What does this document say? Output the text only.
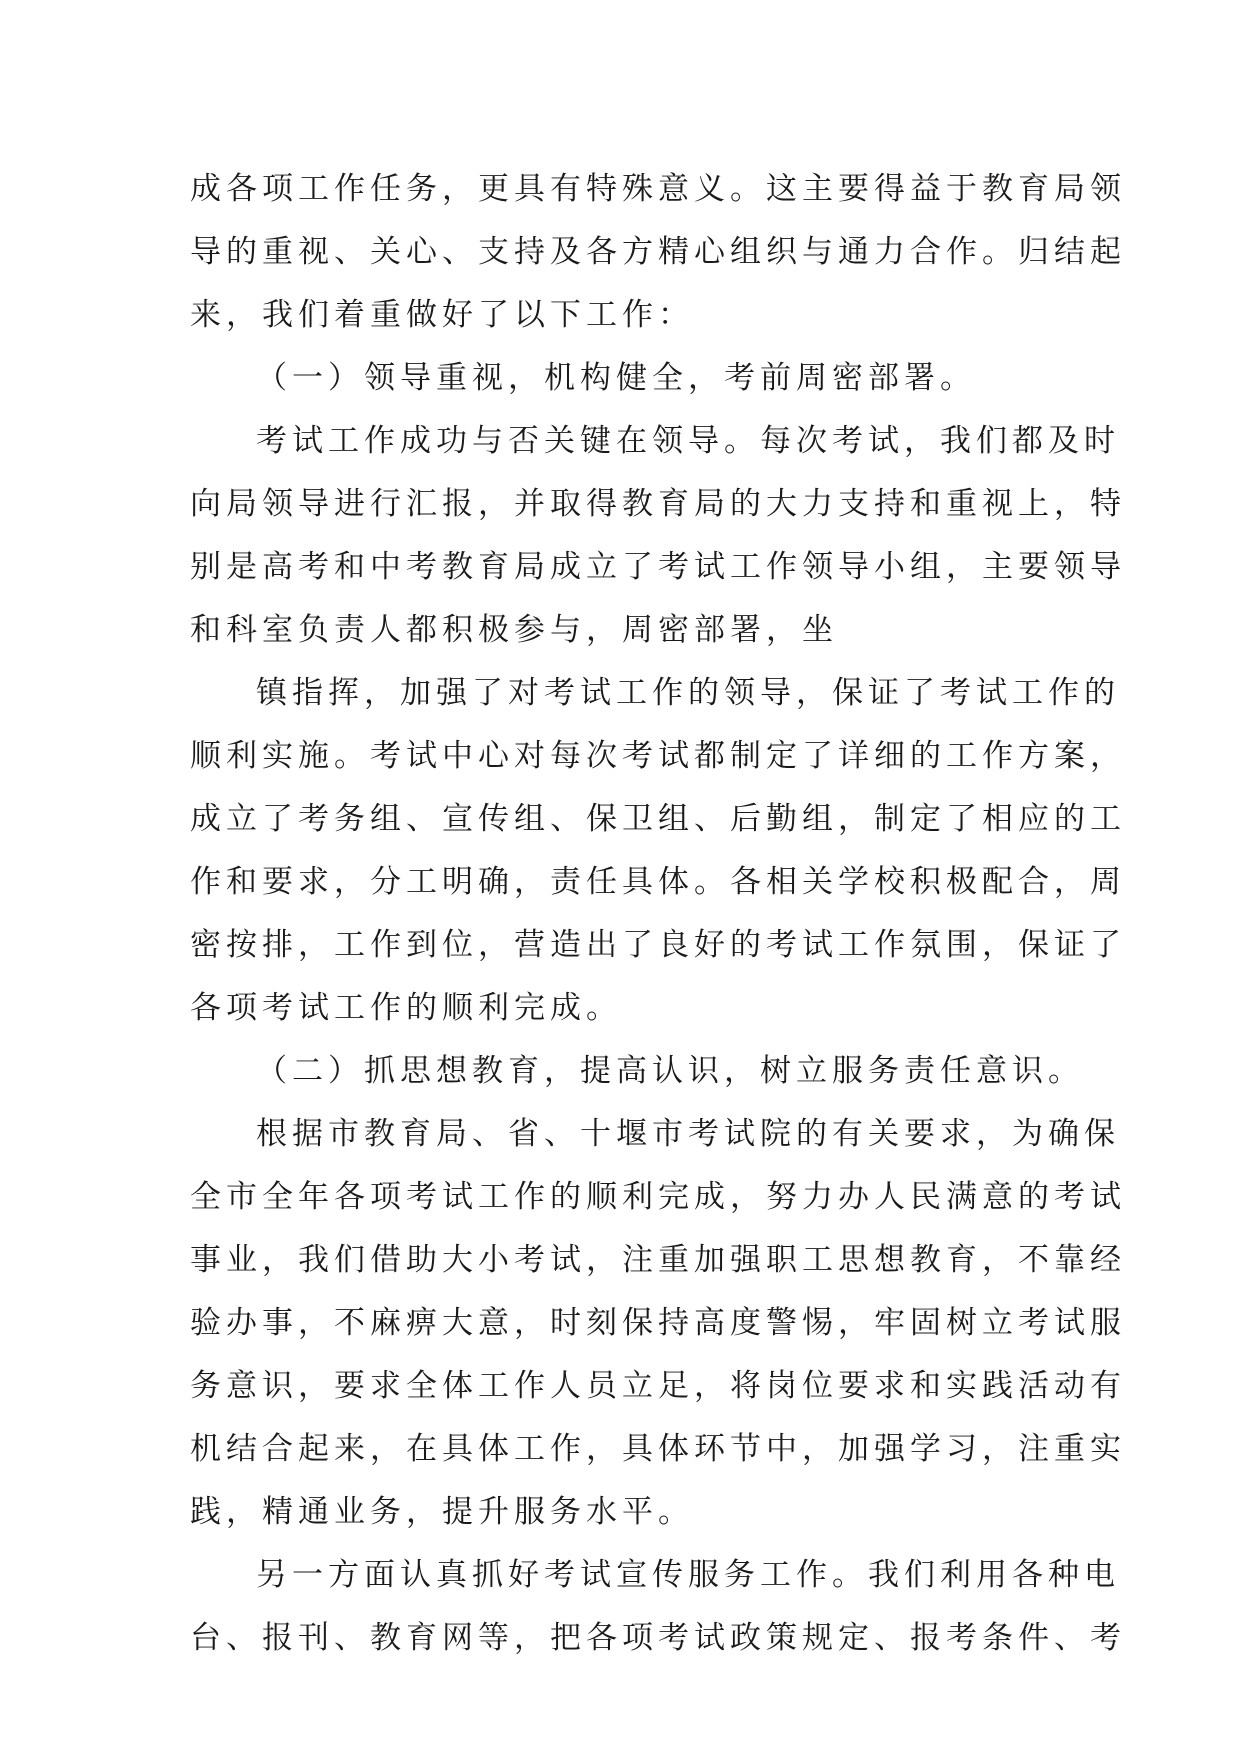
成各项工作任务，更具有特殊意义。这主要得益于教育局领
导的重视、关心、支持及各方精心组织与通力合作。归结起
来，我们着重做好了以下工作：
（一）领导重视，机构健全，考前周密部署。
考试工作成功与否关键在领导。每次考试，我们都及时
向局领导进行汇报，并取得教育局的大力支持和重视上，特
别是高考和中考教育局成立了考试工作领导小组，主要领导
和科室负责人都积极参与，周密部署，坐
镇指挥，加强了对考试工作的领导，保证了考试工作的
顺利实施。考试中心对每次考试都制定了详细的工作方案，
成立了考务组、宣传组、保卫组、后勤组，制定了相应的工
作和要求，分工明确，责任具体。各相关学校积极配合，周
密按排，工作到位，营造出了良好的考试工作氛围，保证了
各项考试工作的顺利完成。
（二）抓思想教育，提高认识，树立服务责任意识。
根据市教育局、省、十堰市考试院的有关要求，为确保
全市全年各项考试工作的顺利完成，努力办人民满意的考试
事业，我们借助大小考试，注重加强职工思想教育，不靠经
验办事，不麻痹大意，时刻保持高度警惕，牢固树立考试服
务意识，要求全体工作人员立足，将岗位要求和实践活动有
机结合起来，在具体工作，具体环节中，加强学习，注重实
践，精通业务，提升服务水平。
另一方面认真抓好考试宣传服务工作。我们利用各种电
台、报刊、教育网等，把各项考试政策规定、报考条件、考
